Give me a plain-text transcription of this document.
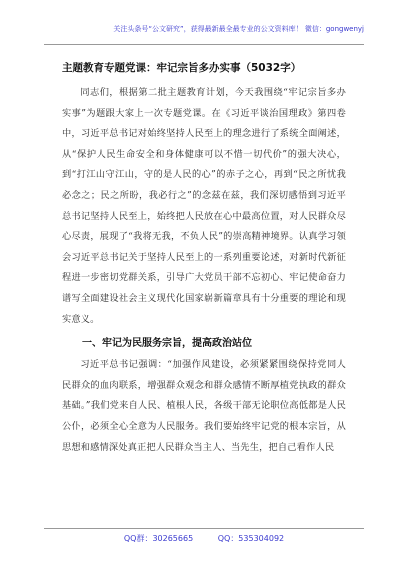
关注头条号“公文研究”，获得最新最全最专业的公文资料库！ 微信：gongwenyj

主题教育专题党课：牢记宗旨多办实事（5032字）

同志们，根据第二批主题教育计划，今天我围绕“牢记宗旨多办实事”为题跟大家上一次专题党课。在《习近平谈治国理政》第四卷中，习近平总书记对始终坚持人民至上的理念进行了系统全面阐述，从“保护人民生命安全和身体健康可以不惜一切代价”的强大决心，到“打江山守江山，守的是人民的心”的赤子之心，再到“民之所忧我必念之；民之所盼，我必行之”的念兹在兹，我们深切感悟到习近平总书记坚持人民至上，始终把人民放在心中最高位置，对人民群众尽心尽责，展现了“我将无我，不负人民”的崇高精神境界。认真学习领会习近平总书记关于坚持人民至上的一系列重要论述，对新时代新征程进一步密切党群关系，引导广大党员干部不忘初心、牢记使命奋力谱写全面建设社会主义现代化国家崭新篇章具有十分重要的理论和现实意义。

一、牢记为民服务宗旨，提高政治站位

习近平总书记强调：“加强作风建设，必须紧紧围绕保持党同人民群众的血肉联系，增强群众观念和群众感情不断厚植党执政的群众基础。”我们党来自人民、植根人民，各级干部无论职位高低都是人民公仆，必须全心全意为人民服务。我们要始终牢记党的根本宗旨，从思想和感情深处真正把人民群众当主人、当先生，把自己看作人民

QQ群：30265665	QQ：535304092
